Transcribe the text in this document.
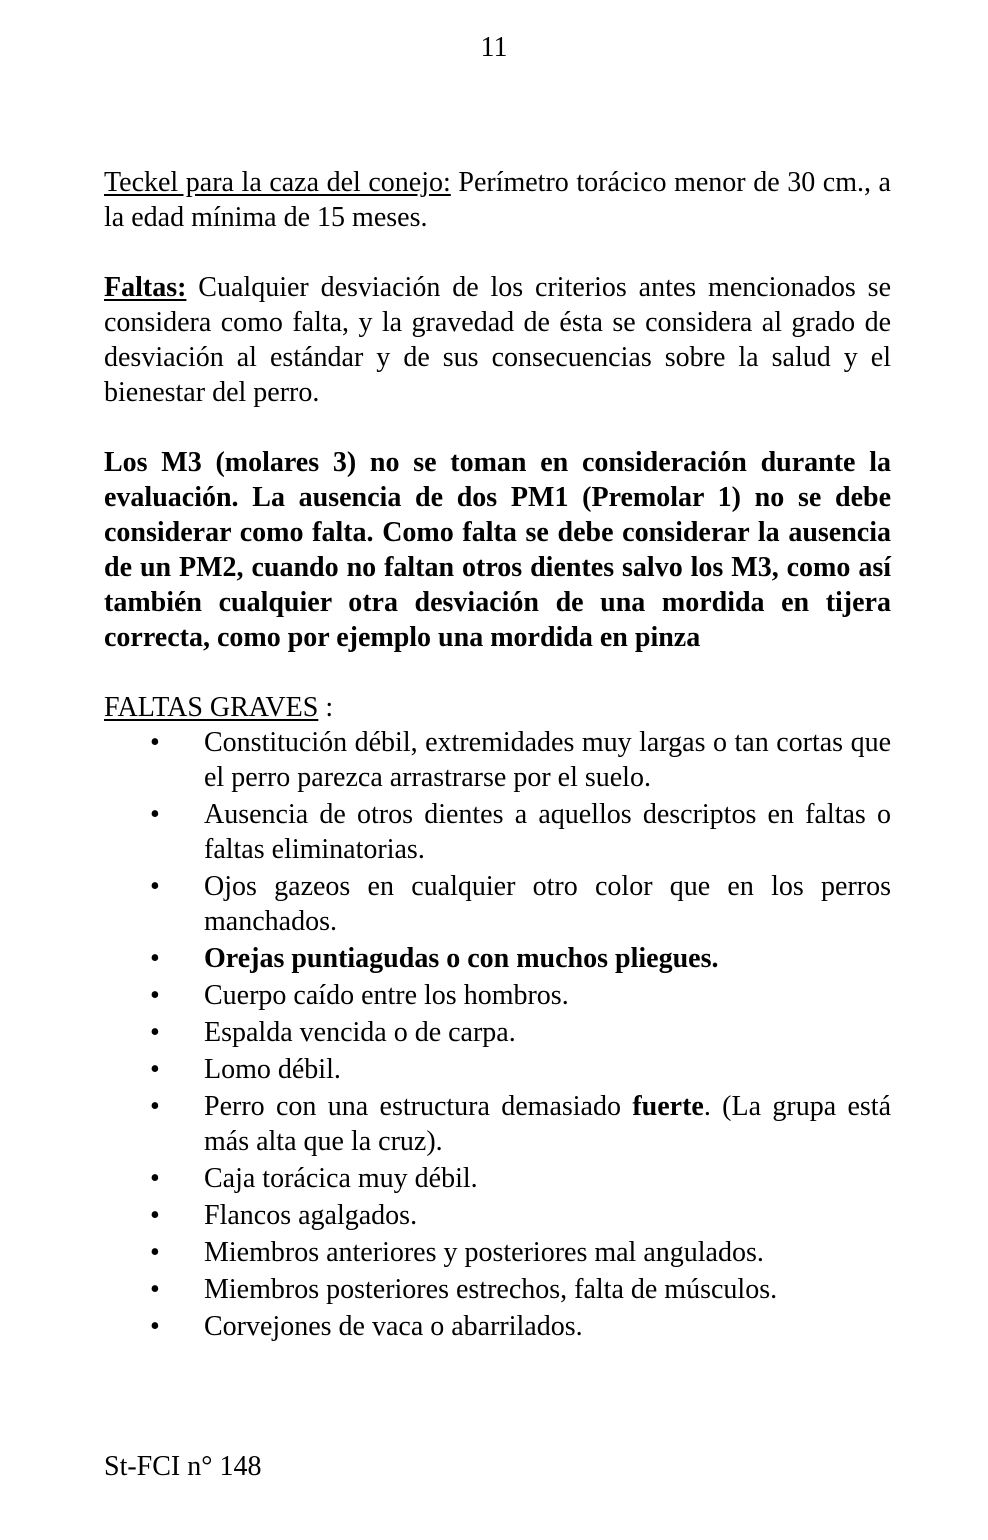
11

Teckel para la caza del conejo: Perímetro torácico menor de 30 cm., a la edad mínima de 15 meses.

Faltas: Cualquier desviación de los criterios antes mencionados se considera como falta, y la gravedad de ésta se considera al grado de desviación al estándar y de sus consecuencias sobre la salud y el bienestar del perro.

Los M3 (molares 3) no se toman en consideración durante la evaluación. La ausencia de dos PM1 (Premolar 1) no se debe considerar como falta. Como falta se debe considerar la ausencia de un PM2, cuando no faltan otros dientes salvo los M3, como así también cualquier otra desviación de una mordida en tijera correcta, como por ejemplo una mordida en pinza

FALTAS GRAVES :

•	Constitución débil, extremidades muy largas o tan cortas que el perro parezca arrastrarse por el suelo.
•	Ausencia de otros dientes a aquellos descriptos en faltas o faltas eliminatorias.
•	Ojos gazeos en cualquier otro color que en los perros manchados.
•	Orejas puntiagudas o con muchos pliegues.
•	Cuerpo caído entre los hombros.
•	Espalda vencida o de carpa.
•	Lomo débil.
•	Perro con una estructura demasiado fuerte. (La grupa está más alta que la cruz).
•	Caja torácica muy débil.
•	Flancos agalgados.
•	Miembros anteriores y posteriores mal angulados.
•	Miembros posteriores estrechos, falta de músculos.
•	Corvejones de vaca o abarrilados.
St-FCI n° 148
